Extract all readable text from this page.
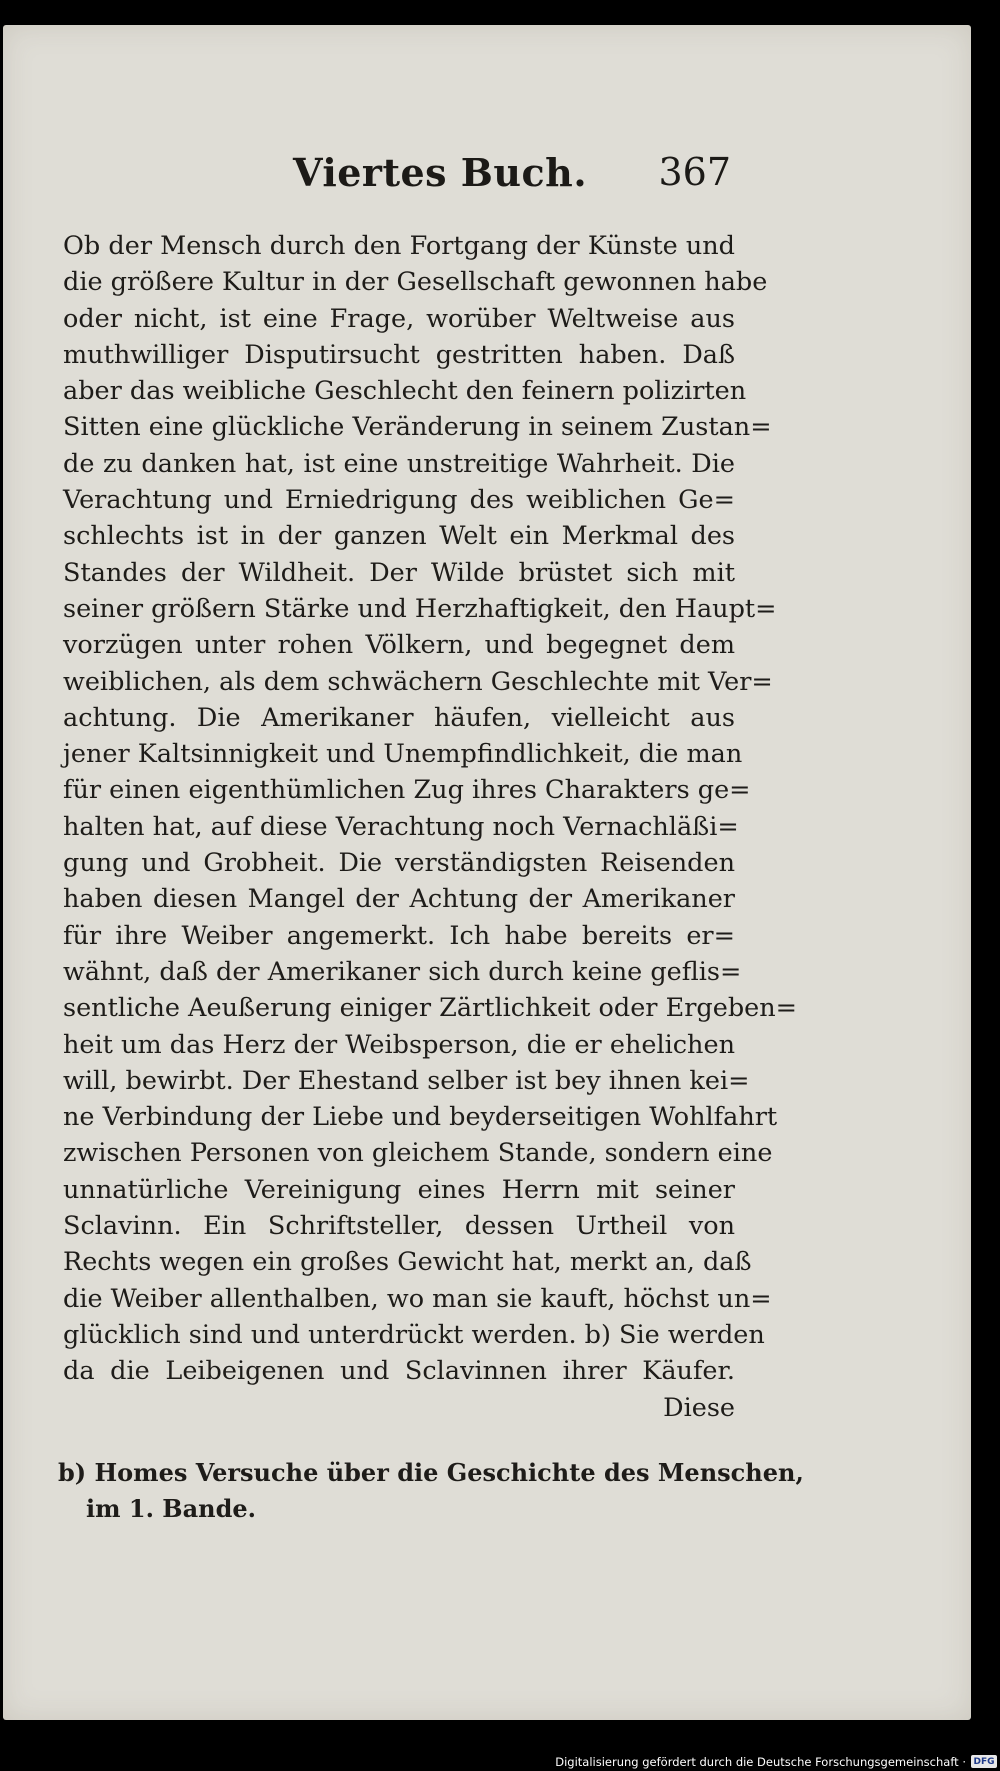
Viertes Buch. 367
Ob der Mensch durch den Fortgang der Künste und
die größere Kultur in der Gesellschaft gewonnen habe
oder nicht, ist eine Frage, worüber Weltweise aus
muthwilliger Disputirsucht gestritten haben. Daß
aber das weibliche Geschlecht den feinern polizirten
Sitten eine glückliche Veränderung in seinem Zustan=
de zu danken hat, ist eine unstreitige Wahrheit. Die
Verachtung und Erniedrigung des weiblichen Ge=
schlechts ist in der ganzen Welt ein Merkmal des
Standes der Wildheit. Der Wilde brüstet sich mit
seiner größern Stärke und Herzhaftigkeit, den Haupt=
vorzügen unter rohen Völkern, und begegnet dem
weiblichen, als dem schwächern Geschlechte mit Ver=
achtung. Die Amerikaner häufen, vielleicht aus
jener Kaltsinnigkeit und Unempfindlichkeit, die man
für einen eigenthümlichen Zug ihres Charakters ge=
halten hat, auf diese Verachtung noch Vernachläßi=
gung und Grobheit. Die verständigsten Reisenden
haben diesen Mangel der Achtung der Amerikaner
für ihre Weiber angemerkt. Ich habe bereits er=
wähnt, daß der Amerikaner sich durch keine geflis=
sentliche Aeußerung einiger Zärtlichkeit oder Ergeben=
heit um das Herz der Weibsperson, die er ehelichen
will, bewirbt. Der Ehestand selber ist bey ihnen kei=
ne Verbindung der Liebe und beyderseitigen Wohlfahrt
zwischen Personen von gleichem Stande, sondern eine
unnatürliche Vereinigung eines Herrn mit seiner
Sclavinn. Ein Schriftsteller, dessen Urtheil von
Rechts wegen ein großes Gewicht hat, merkt an, daß
die Weiber allenthalben, wo man sie kauft, höchst un=
glücklich sind und unterdrückt werden. b) Sie werden
da die Leibeigenen und Sclavinnen ihrer Käufer.
Diese
b) Homes Versuche über die Geschichte des Menschen,
im 1. Bande.
Digitalisierung gefördert durch die Deutsche Forschungsgemeinschaft · DFG
